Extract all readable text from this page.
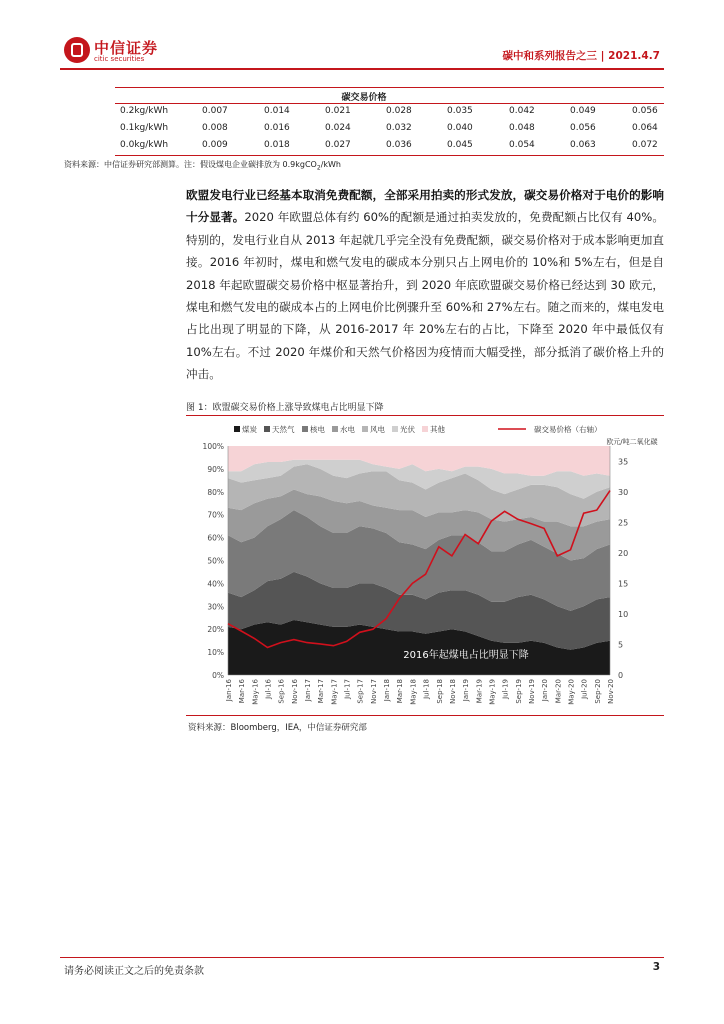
中信证券
citic securities	碳中和系列报告之三 | 2021.4.7
碳交易价格
0.2kg/kWh	0.007	0.014	0.021	0.028	0.035	0.042	0.049	0.056
0.1kg/kWh	0.008	0.016	0.024	0.032	0.040	0.048	0.056	0.064
0.0kg/kWh	0.009	0.018	0.027	0.036	0.045	0.054	0.063	0.072
资料来源：中信证券研究部测算。注：假设煤电企业碳排放为 0.9kgCO$_2$/kWh
欧盟发电行业已经基本取消免费配额，全部采用拍卖的形式发放，碳交易价格对于电价的影响十分显著。2020 年欧盟总体有约 60%的配额是通过拍卖发放的，免费配额占比仅有 40%。特别的，发电行业自从 2013 年起就几乎完全没有免费配额，碳交易价格对于成本影响更加直接。2016 年初时，煤电和燃气发电的碳成本分别只占上网电价的 10%和 5%左右，但是自 2018 年起欧盟碳交易价格中枢显著抬升，到 2020 年底欧盟碳交易价格已经达到 30 欧元，煤电和燃气发电的碳成本占的上网电价比例骤升至 60%和 27%左右。随之而来的，煤电发电占比出现了明显的下降，从 2016-2017 年 20%左右的占比，下降至 2020 年中最低仅有 10%左右。不过 2020 年煤价和天然气价格因为疫情而大幅受挫，部分抵消了碳价格上升的冲击。
图 1：欧盟碳交易价格上涨导致煤电占比明显下降
0%
10%
20%
30%
40%
50%
60%
70%
80%
90%
100%
0
5
10
15
20
25
30
35
Jan-16 Mar-16 May-16 Jul-16 Sep-16 Nov-16 Jan-17 Mar-17 May-17 Jul-17 Sep-17 Nov-17 Jan-18 Mar-18 May-18 Jul-18 Sep-18 Nov-18 Jan-19 Mar-19 May-19 Jul-19 Sep-19 Nov-19 Jan-20 Mar-20 May-20 Jul-20 Sep-20 Nov-20
2016年起煤电占比明显下降
煤炭 天然气 核电 水电 风电 光伏 其他	碳交易价格（右轴）
欧元/吨二氧化碳
资料来源：Bloomberg，IEA，中信证券研究部
请务必阅读正文之后的免责条款	3
